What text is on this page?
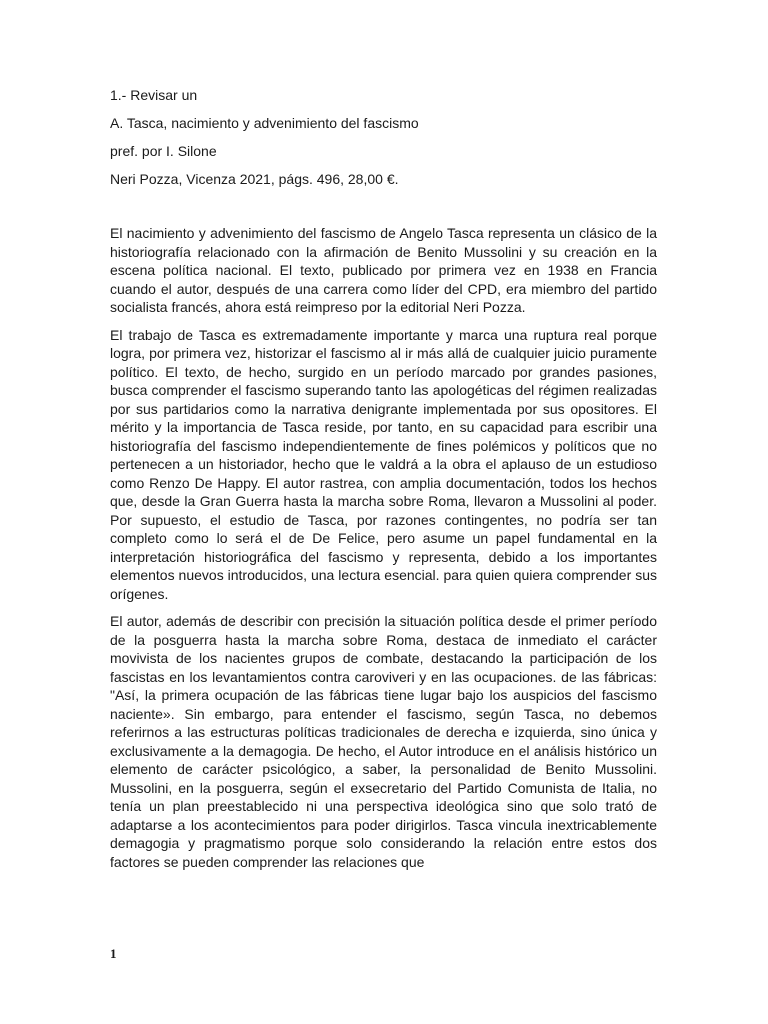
1.- Revisar un
A. Tasca, nacimiento y advenimiento del fascismo
pref. por I. Silone
Neri Pozza, Vicenza 2021, págs. 496, 28,00 €.

El nacimiento y advenimiento del fascismo de Angelo Tasca representa un clásico de la historiografía relacionado con la afirmación de Benito Mussolini y su creación en la escena política nacional. El texto, publicado por primera vez en 1938 en Francia cuando el autor, después de una carrera como líder del CPD, era miembro del partido socialista francés, ahora está reimpreso por la editorial Neri Pozza.

El trabajo de Tasca es extremadamente importante y marca una ruptura real porque logra, por primera vez, historizar el fascismo al ir más allá de cualquier juicio puramente político. El texto, de hecho, surgido en un período marcado por grandes pasiones, busca comprender el fascismo superando tanto las apologéticas del régimen realizadas por sus partidarios como la narrativa denigrante implementada por sus opositores. El mérito y la importancia de Tasca reside, por tanto, en su capacidad para escribir una historiografía del fascismo independientemente de fines polémicos y políticos que no pertenecen a un historiador, hecho que le valdrá a la obra el aplauso de un estudioso como Renzo De Happy. El autor rastrea, con amplia documentación, todos los hechos que, desde la Gran Guerra hasta la marcha sobre Roma, llevaron a Mussolini al poder. Por supuesto, el estudio de Tasca, por razones contingentes, no podría ser tan completo como lo será el de De Felice, pero asume un papel fundamental en la interpretación historiográfica del fascismo y representa, debido a los importantes elementos nuevos introducidos, una lectura esencial. para quien quiera comprender sus orígenes.

El autor, además de describir con precisión la situación política desde el primer período de la posguerra hasta la marcha sobre Roma, destaca de inmediato el carácter movivista de los nacientes grupos de combate, destacando la participación de los fascistas en los levantamientos contra caroviveri y en las ocupaciones. de las fábricas: "Así, la primera ocupación de las fábricas tiene lugar bajo los auspicios del fascismo naciente». Sin embargo, para entender el fascismo, según Tasca, no debemos referirnos a las estructuras políticas tradicionales de derecha e izquierda, sino única y exclusivamente a la demagogia. De hecho, el Autor introduce en el análisis histórico un elemento de carácter psicológico, a saber, la personalidad de Benito Mussolini. Mussolini, en la posguerra, según el exsecretario del Partido Comunista de Italia, no tenía un plan preestablecido ni una perspectiva ideológica sino que solo trató de adaptarse a los acontecimientos para poder dirigirlos. Tasca vincula inextricablemente demagogia y pragmatismo porque solo considerando la relación entre estos dos factores se pueden comprender las relaciones que

1
